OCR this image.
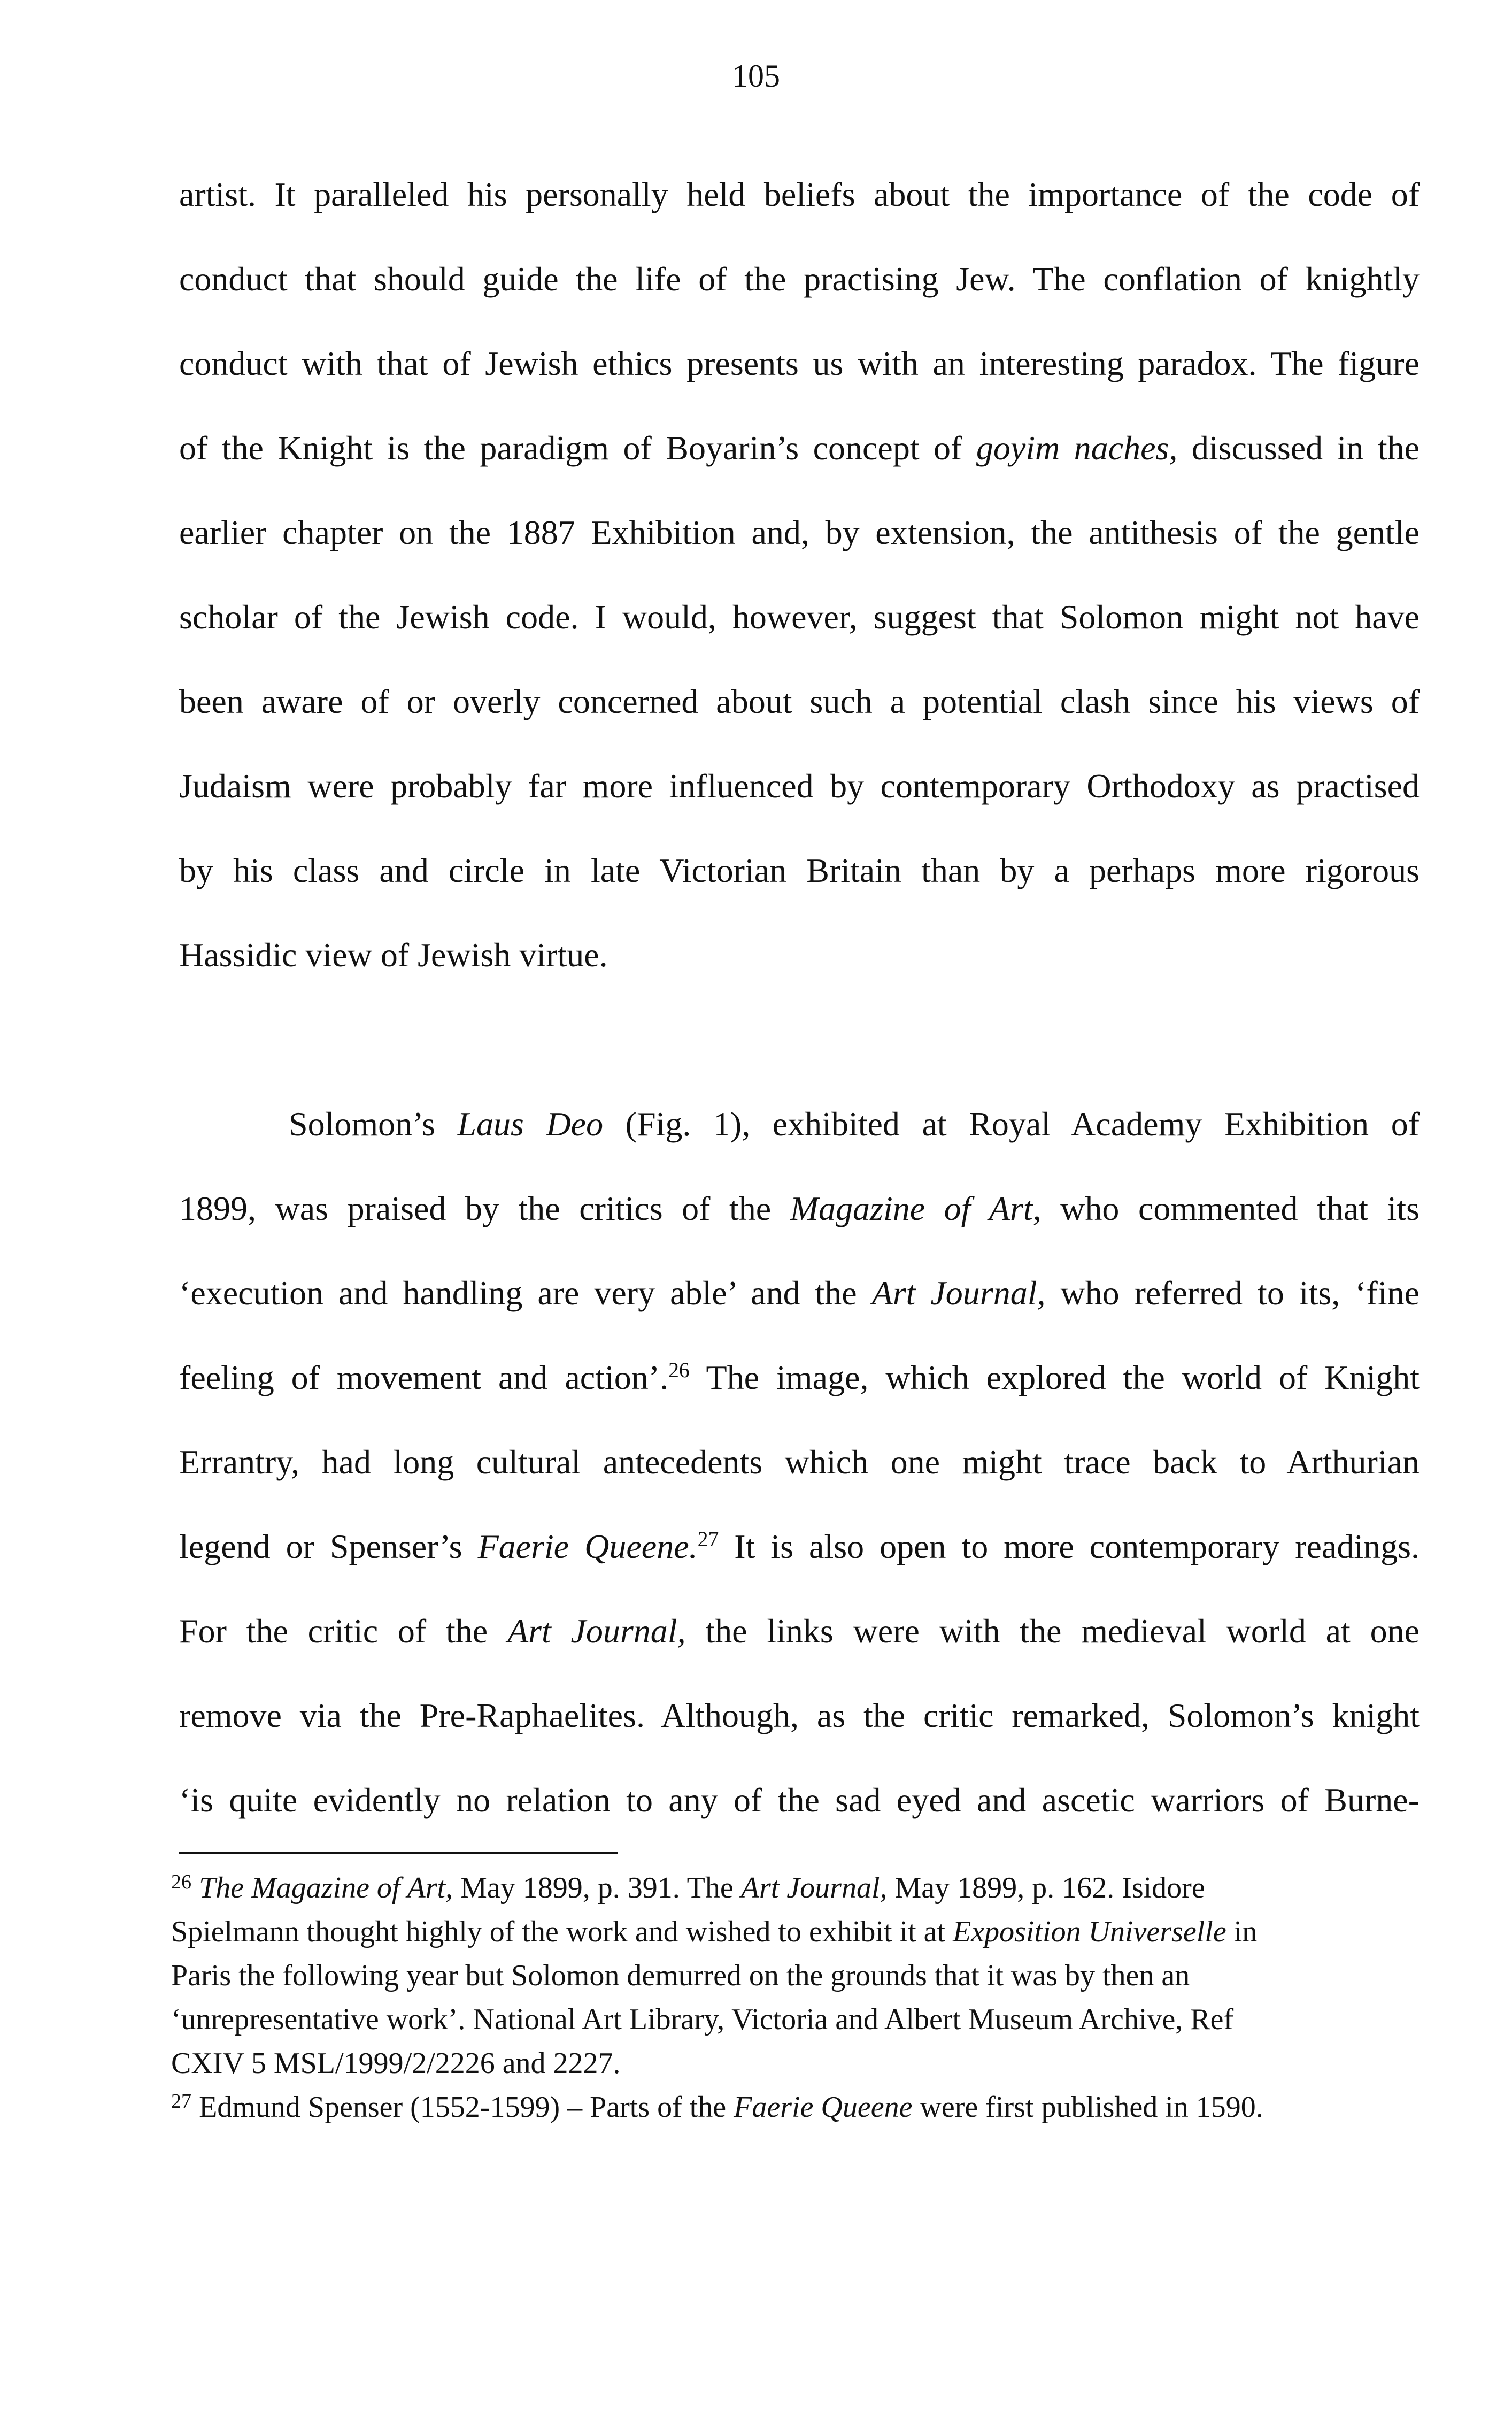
105
artist. It paralleled his personally held beliefs about the importance of the code of
conduct that should guide the life of the practising Jew. The conflation of knightly
conduct with that of Jewish ethics presents us with an interesting paradox. The figure
of the Knight is the paradigm of Boyarin’s concept of goyim naches, discussed in the
earlier chapter on the 1887 Exhibition and, by extension, the antithesis of the gentle
scholar of the Jewish code. I would, however, suggest that Solomon might not have
been aware of or overly concerned about such a potential clash since his views of
Judaism were probably far more influenced by contemporary Orthodoxy as practised
by his class and circle in late Victorian Britain than by a perhaps more rigorous
Hassidic view of Jewish virtue.
Solomon’s Laus Deo (Fig. 1), exhibited at Royal Academy Exhibition of
1899, was praised by the critics of the Magazine of Art, who commented that its
‘execution and handling are very able’ and the Art Journal, who referred to its, ‘fine
feeling of movement and action’.$^{26}$ The image, which explored the world of Knight
Errantry, had long cultural antecedents which one might trace back to Arthurian
legend or Spenser’s Faerie Queene.$^{27}$ It is also open to more contemporary readings.
For the critic of the Art Journal, the links were with the medieval world at one
remove via the Pre-Raphaelites. Although, as the critic remarked, Solomon’s knight
‘is quite evidently no relation to any of the sad eyed and ascetic warriors of Burne-
$^{26}$ The Magazine of Art, May 1899, p. 391. The Art Journal, May 1899, p. 162. Isidore
Spielmann thought highly of the work and wished to exhibit it at Exposition Universelle in
Paris the following year but Solomon demurred on the grounds that it was by then an
‘unrepresentative work’. National Art Library, Victoria and Albert Museum Archive, Ref
CXIV 5 MSL/1999/2/2226 and 2227.
$^{27}$ Edmund Spenser (1552-1599) – Parts of the Faerie Queene were first published in 1590.
